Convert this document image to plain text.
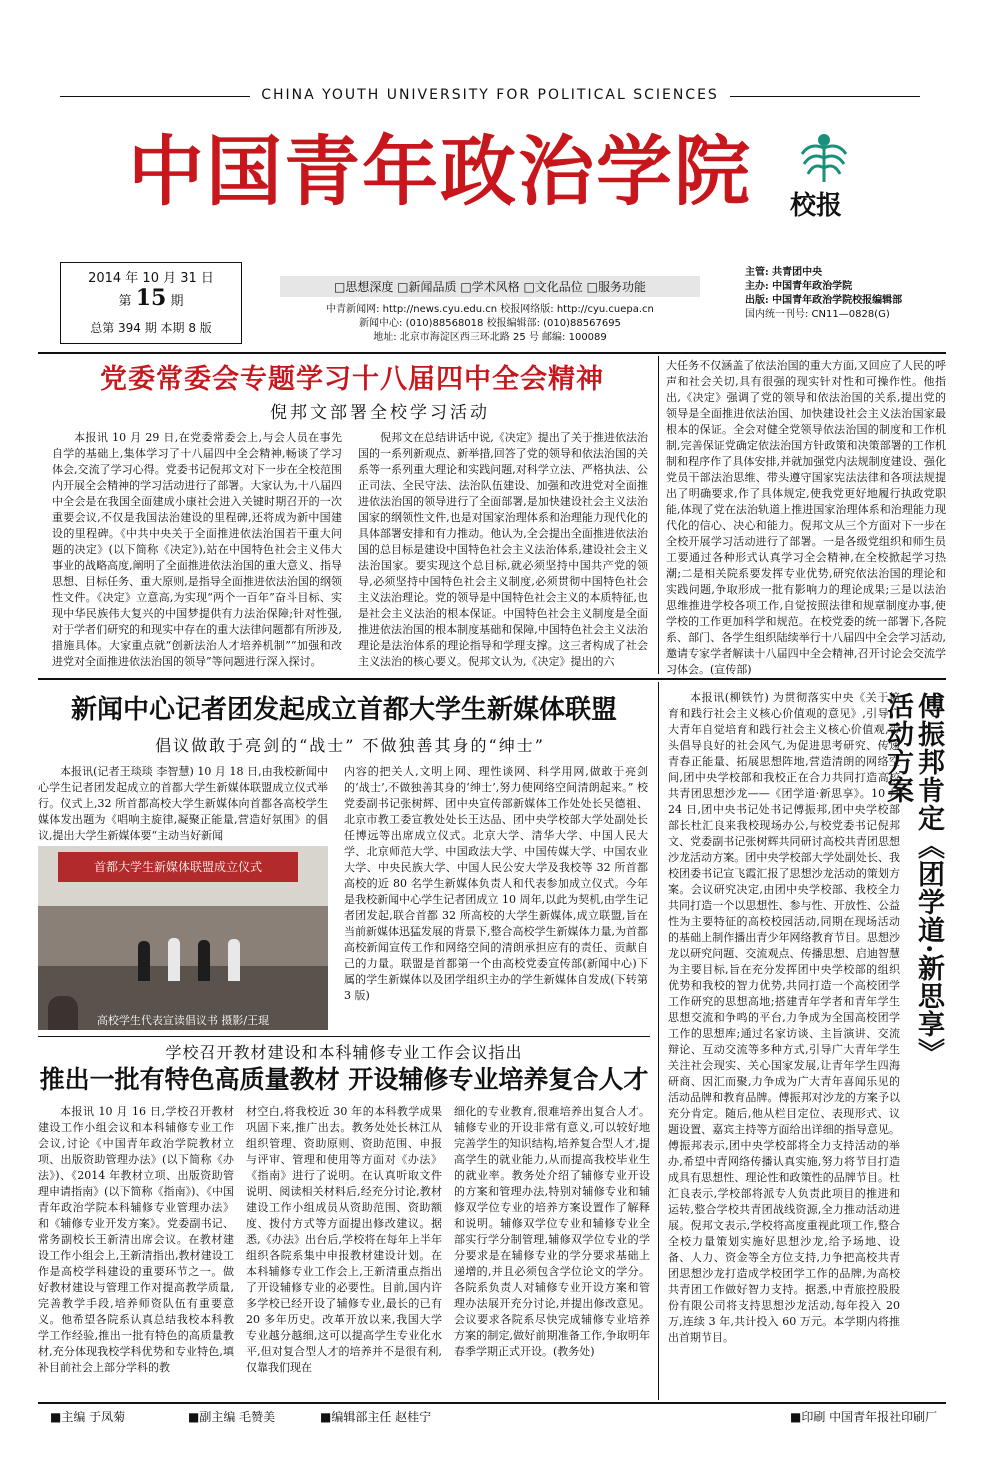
CHINA YOUTH UNIVERSITY FOR POLITICAL SCIENCES
中国青年政治学院	校报
2014 年 10 月 31 日
第 15 期
总第 394 期 本期 8 版
□思想深度 □新闻品质 □学术风格 □文化品位 □服务功能
中青新闻网: http://news.cyu.edu.cn 校报网络版: http://cyu.cuepa.cn
新闻中心: (010)88568018 校报编辑部: (010)88567695
地址: 北京市海淀区西三环北路 25 号 邮编: 100089
主管: 共青团中央
主办: 中国青年政治学院
出版: 中国青年政治学院校报编辑部
国内统一刊号: CN11—0828(G)
党委常委会专题学习十八届四中全会精神
倪邦文部署全校学习活动

本报讯 10 月 29 日,在党委常委会上,与会人员在事先自学的基础上,集体学习了十八届四中全会精神,畅谈了学习体会,交流了学习心得。党委书记倪邦文对下一步在全校范围内开展全会精神的学习活动进行了部署。大家认为,十八届四中全会是在我国全面建成小康社会进入关键时期召开的一次重要会议,不仅是我国法治建设的里程碑,还将成为新中国建设的里程碑。《中共中央关于全面推进依法治国若干重大问题的决定》(以下简称《决定》),站在中国特色社会主义伟大事业的战略高度,阐明了全面推进依法治国的重大意义、指导思想、目标任务、重大原则,是指导全面推进依法治国的纲领性文件。《决定》立意高,为实现“两个一百年”奋斗目标、实现中华民族伟大复兴的中国梦提供有力法治保障;针对性强,对于学者们研究的和现实中存在的重大法律问题都有所涉及,措施具体。大家重点就“创新法治人才培养机制”“加强和改进党对全面推进依法治国的领导”等问题进行深入探讨。

倪邦文在总结讲话中说,《决定》提出了关于推进依法治国的一系列新观点、新举措,回答了党的领导和依法治国的关系等一系列重大理论和实践问题,对科学立法、严格执法、公正司法、全民守法、法治队伍建设、加强和改进党对全面推进依法治国的领导进行了全面部署,是加快建设社会主义法治国家的纲领性文件,也是对国家治理体系和治理能力现代化的具体部署安排和有力推动。他认为,全会提出全面推进依法治国的总目标是建设中国特色社会主义法治体系,建设社会主义法治国家。要实现这个总目标,就必须坚持中国共产党的领导,必须坚持中国特色社会主义制度,必须贯彻中国特色社会主义法治理论。党的领导是中国特色社会主义的本质特征,也是社会主义法治的根本保证。中国特色社会主义制度是全面推进依法治国的根本制度基础和保障,中国特色社会主义法治理论是法治体系的理论指导和学理支撑。这三者构成了社会主义法治的核心要义。倪邦文认为,《决定》提出的六

大任务不仅涵盖了依法治国的重大方面,又回应了人民的呼声和社会关切,具有很强的现实针对性和可操作性。他指出,《决定》强调了党的领导和依法治国的关系,提出党的领导是全面推进依法治国、加快建设社会主义法治国家最根本的保证。全会对健全党领导依法治国的制度和工作机制,完善保证党确定依法治国方针政策和决策部署的工作机制和程序作了具体安排,并就加强党内法规制度建设、强化党员干部法治思维、带头遵守国家宪法法律和各项法规提出了明确要求,作了具体规定,使我党更好地履行执政党职能,体现了党在法治轨道上推进国家治理体系和治理能力现代化的信心、决心和能力。倪邦文从三个方面对下一步在全校开展学习活动进行了部署。一是各级党组织和师生员工要通过各种形式认真学习全会精神,在全校掀起学习热潮;二是相关院系要发挥专业优势,研究依法治国的理论和实践问题,争取形成一批有影响力的理论成果;三是以法治思维推进学校各项工作,自觉按照法律和规章制度办事,使学校的工作更加科学和规范。在校党委的统一部署下,各院系、部门、各学生组织陆续举行十八届四中全会学习活动,邀请专家学者解读十八届四中全会精神,召开讨论会交流学习体会。(宣传部)

新闻中心记者团发起成立首都大学生新媒体联盟
倡议做敢于亮剑的“战士” 不做独善其身的“绅士”

本报讯(记者王琰琰 李智慧) 10 月 18 日,由我校新闻中心学生记者团发起成立的首都大学生新媒体联盟成立仪式举行。仪式上,32 所首都高校大学生新媒体向首都各高校学生媒体发出题为《唱响主旋律,凝聚正能量,营造好氛围》的倡议,提出大学生新媒体要“主动当好新闻

首都大学生新媒体联盟成立仪式
高校学生代表宣读倡议书 摄影/王琨

内容的把关人,文明上网、理性谈网、科学用网,做敢于亮剑的‘战士’,不做独善其身的‘绅士’,努力使网络空间清朗起来。” 校党委副书记张树辉、团中央宣传部新媒体工作处处长吴德祖、北京市教工委宣教处处长王达品、团中央学校部大学处副处长任博远等出席成立仪式。北京大学、清华大学、中国人民大学、北京师范大学、中国政法大学、中国传媒大学、中国农业大学、中央民族大学、中国人民公安大学及我校等 32 所首都高校的近 80 名学生新媒体负责人和代表参加成立仪式。今年是我校新闻中心学生记者团成立 10 周年,以此为契机,由学生记者团发起,联合首都 32 所高校的大学生新媒体,成立联盟,旨在当前新媒体迅猛发展的背景下,整合高校学生新媒体力量,为首都高校新闻宣传工作和网络空间的清朗承担应有的责任、贡献自己的力量。联盟是首都第一个由高校党委宣传部(新闻中心)下属的学生新媒体以及团学组织主办的学生新媒体自发成(下转第 3 版)

学校召开教材建设和本科辅修专业工作会议指出
推出一批有特色高质量教材 开设辅修专业培养复合人才

本报讯 10 月 16 日,学校召开教材建设工作小组会议和本科辅修专业工作会议,讨论《中国青年政治学院教材立项、出版资助管理办法》(以下简称《办法》)、《2014 年教材立项、出版资助管理申请指南》(以下简称《指南》)、《中国青年政治学院本科辅修专业管理办法》和《辅修专业开发方案》。党委副书记、常务副校长王新清出席会议。在教材建设工作小组会上,王新清指出,教材建设工作是高校学科建设的重要环节之一。做好教材建设与管理工作对提高教学质量,完善教学手段,培养师资队伍有重要意义。他希望各院系认真总结我校本科教学工作经验,推出一批有特色的高质量教材,充分体现我校学科优势和专业特色,填补目前社会上部分学科的教

材空白,将我校近 30 年的本科教学成果巩固下来,推广出去。教务处处长林江从组织管理、资助原则、资助范围、申报与评审、管理和使用等方面对《办法》《指南》进行了说明。在认真听取文件说明、阅读相关材料后,经充分讨论,教材建设工作小组成员从资助范围、资助额度、拨付方式等方面提出修改建议。据悉,《办法》出台后,学校将在每年上半年组织各院系集中申报教材建设计划。在本科辅修专业工作会上,王新清重点指出了开设辅修专业的必要性。目前,国内许多学校已经开设了辅修专业,最长的已有 20 多年历史。改革开放以来,我国大学专业越分越细,这可以提高学生专业化水平,但对复合型人才的培养并不是很有利,仅靠我们现在

细化的专业教育,很难培养出复合人才。辅修专业的开设非常有意义,可以较好地完善学生的知识结构,培养复合型人才,提高学生的就业能力,从而提高我校毕业生的就业率。教务处介绍了辅修专业开设的方案和管理办法,特别对辅修专业和辅修双学位专业的培养方案设置作了解释和说明。辅修双学位专业和辅修专业全部实行学分制管理,辅修双学位专业的学分要求是在辅修专业的学分要求基础上递增的,并且必须包含学位论文的学分。各院系负责人对辅修专业开设方案和管理办法展开充分讨论,并提出修改意见。会议要求各院系尽快完成辅修专业培养方案的制定,做好前期准备工作,争取明年春季学期正式开设。(教务处)

本报讯(柳铁竹) 为贯彻落实中央《关于培育和践行社会主义核心价值观的意见》,引导广大青年自觉培育和践行社会主义核心价值观,带头倡导良好的社会风气,为促进思考研究、传递青春正能量、拓展思想阵地,营造清朗的网络空间,团中央学校部和我校正在合力共同打造高校共青团思想沙龙——《团学道·新思享》。10 月 24 日,团中央书记处书记傅振邦,团中央学校部部长杜汇良来我校现场办公,与校党委书记倪邦文、党委副书记张树辉共同研讨高校共青团思想沙龙活动方案。团中央学校部大学处副处长、我校团委书记宣飞霞汇报了思想沙龙活动的策划方案。会议研究决定,由团中央学校部、我校全力共同打造一个以思想性、参与性、开放性、公益性为主要特征的高校校园活动,同期在现场活动的基础上制作播出青少年网络教育节目。思想沙龙以研究问题、交流观点、传播思想、启迪智慧为主要目标,旨在充分发挥团中央学校部的组织优势和我校的智力优势,共同打造一个高校团学工作研究的思想高地;搭建青年学者和青年学生思想交流和争鸣的平台,力争成为全国高校团学工作的思想库;通过名家访谈、主旨演讲、交流辩论、互动交流等多种方式,引导广大青年学生关注社会现实、关心国家发展,让青年学生四海研商、因汇而聚,力争成为广大青年喜闻乐见的活动品牌和教育品牌。傅振邦对沙龙的方案予以充分肯定。随后,他从栏目定位、表现形式、议题设置、嘉宾主持等方面给出详细的指导意见。傅振邦表示,团中央学校部将全力支持活动的举办,希望中青网络传播认真实施,努力将节目打造成具有思想性、理论性和政策性的品牌节目。杜汇良表示,学校部将派专人负责此项目的推进和运转,整合学校共青团战线资源,全力推动活动进展。倪邦文表示,学校将高度重视此项工作,整合全校力量策划实施好思想沙龙,给予场地、设备、人力、资金等全方位支持,力争把高校共青团思想沙龙打造成学校团学工作的品牌,为高校共青团工作做好智力支持。据悉,中青旅控股股份有限公司将支持思想沙龙活动,每年投入 20 万,连续 3 年,共计投入 60 万元。本学期内将推出首期节目。

傅振邦肯定《团学道·新思享》活动方案

■主编 于凤菊	■副主编 毛赞美	■编辑部主任 赵桂宁	■印刷 中国青年报社印刷厂
